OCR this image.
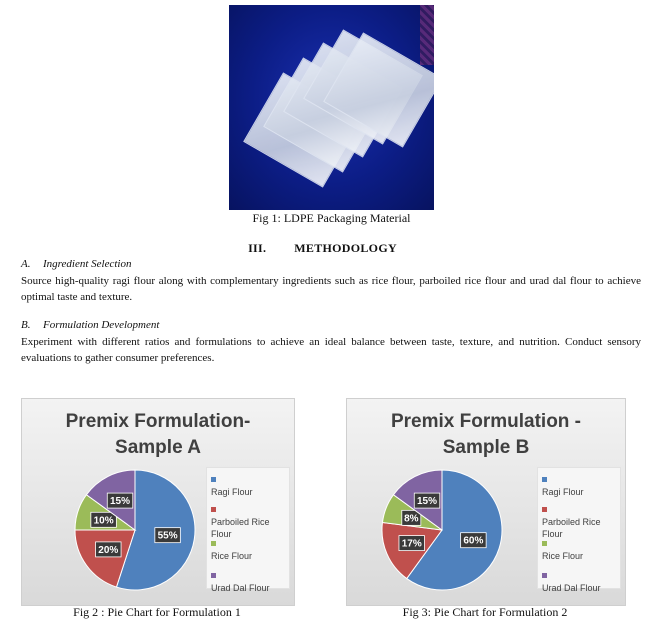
Fig 1: LDPE Packaging Material
III. METHODOLOGY
A. Ingredient Selection
Source high-quality ragi flour along with complementary ingredients such as rice flour, parboiled rice flour and urad dal flour to achieve optimal taste and texture.
B. Formulation Development
Experiment with different ratios and formulations to achieve an ideal balance between taste, texture, and nutrition. Conduct sensory evaluations to gather consumer preferences.
Premix Formulation-
Sample A
55%
20%
10%
15%
Ragi Flour
Parboiled Rice Flour
Rice Flour
Urad Dal Flour
Fig 2 : Pie Chart for Formulation 1
Premix Formulation -
Sample B
60%
17%
8%
15%
Ragi Flour
Parboiled Rice Flour
Rice Flour
Urad Dal Flour
Fig 3: Pie Chart for Formulation 2
